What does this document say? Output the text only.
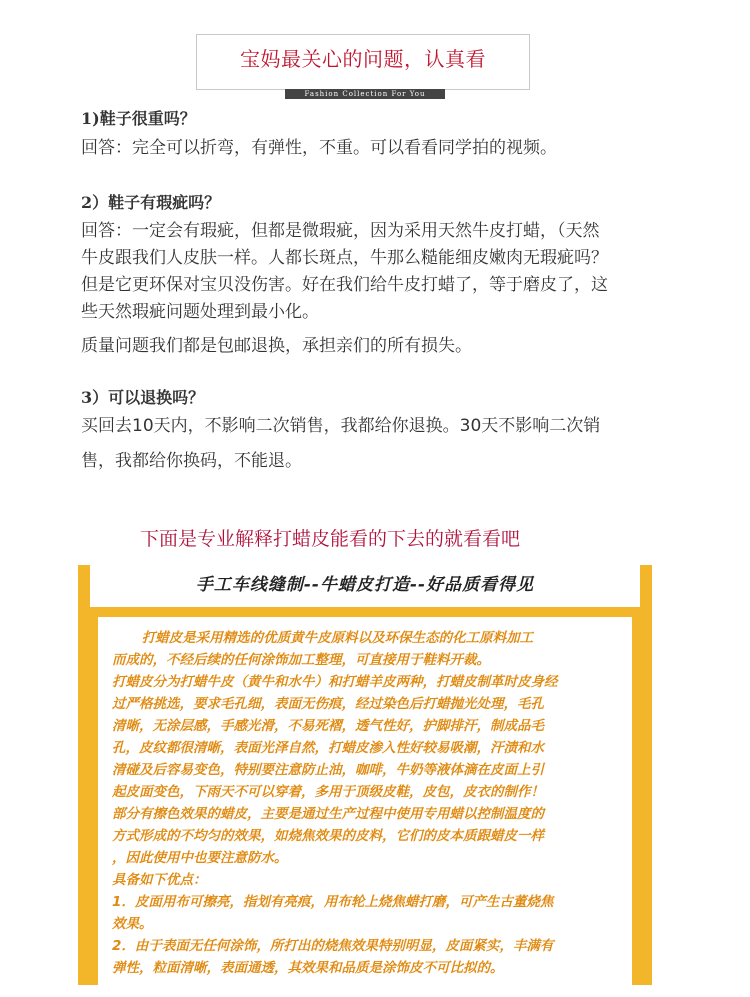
宝妈最关心的问题，认真看
Fashion Collection For You
1)鞋子很重吗？
回答：完全可以折弯，有弹性，不重。可以看看同学拍的视频。
2）鞋子有瑕疵吗？
回答：一定会有瑕疵，但都是微瑕疵，因为采用天然牛皮打蜡，（天然
牛皮跟我们人皮肤一样。人都长斑点，牛那么糙能细皮嫩肉无瑕疵吗？
但是它更环保对宝贝没伤害。好在我们给牛皮打蜡了，等于磨皮了，这
些天然瑕疵问题处理到最小化。
质量问题我们都是包邮退换，承担亲们的所有损失。
3）可以退换吗？
买回去10天内，不影响二次销售，我都给你退换。30天不影响二次销
售，我都给你换码，不能退。
下面是专业解释打蜡皮能看的下去的就看看吧
手工车线缝制--牛蜡皮打造--好品质看得见

打蜡皮是采用精选的优质黄牛皮原料以及环保生态的化工原料加工

而成的，不经后续的任何涂饰加工整理，可直接用于鞋料开裁。

打蜡皮分为打蜡牛皮（黄牛和水牛）和打蜡羊皮两种，打蜡皮制革时皮身经

过严格挑选，要求毛孔细，表面无伤痕，经过染色后打蜡抛光处理，毛孔

清晰，无涂层感，手感光滑，不易死褶，透气性好，护脚排汗，制成品毛

孔，皮纹都很清晰，表面光泽自然，打蜡皮渗入性好较易吸潮，汗渍和水

清碰及后容易变色，特别要注意防止油，咖啡，牛奶等液体滴在皮面上引

起皮面变色，下雨天不可以穿着，多用于顶级皮鞋，皮包，皮衣的制作！

部分有擦色效果的蜡皮，主要是通过生产过程中使用专用蜡以控制温度的

方式形成的不均匀的效果，如烧焦效果的皮料，它们的皮本质跟蜡皮一样

，因此使用中也要注意防水。

具备如下优点：

1．皮面用布可擦亮，指划有亮痕，用布轮上烧焦蜡打磨，可产生古董烧焦

效果。

2．由于表面无任何涂饰，所打出的烧焦效果特别明显，皮面紧实，丰满有

弹性，粒面清晰，表面通透，其效果和品质是涂饰皮不可比拟的。
